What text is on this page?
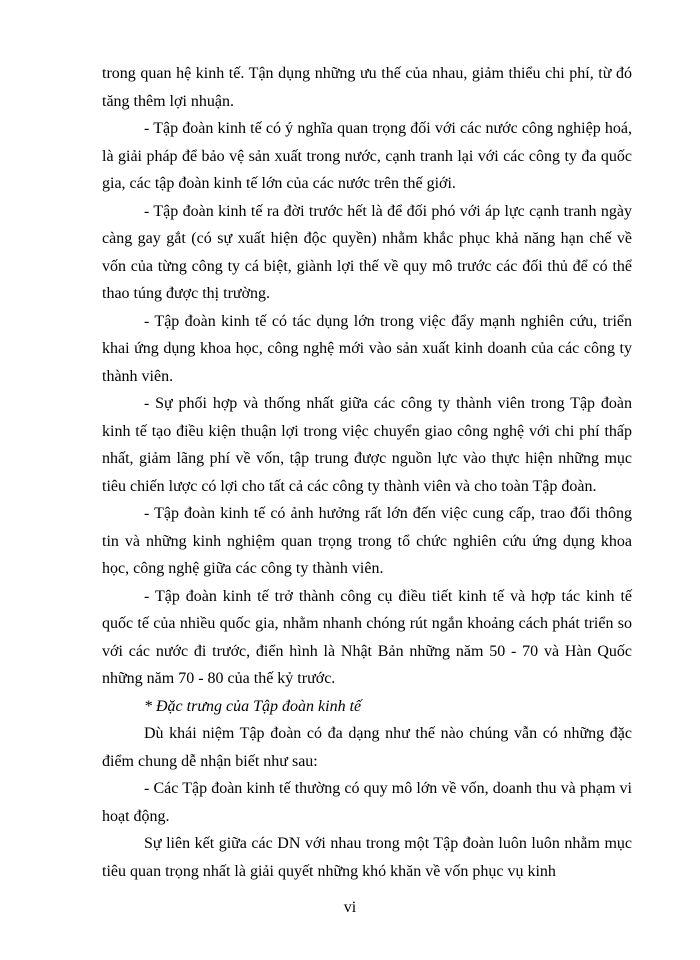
trong quan hệ kinh tế. Tận dụng những ưu thế của nhau, giảm thiểu chi phí, từ đó tăng thêm lợi nhuận.

- Tập đoàn kinh tế có ý nghĩa quan trọng đối với các nước công nghiệp hoá, là giải pháp để bảo vệ sản xuất trong nước, cạnh tranh lại với các công ty đa quốc gia, các tập đoàn kinh tế lớn của các nước trên thế giới.

- Tập đoàn kinh tế ra đời trước hết là để đối phó với áp lực cạnh tranh ngày càng gay gắt (có sự xuất hiện độc quyền) nhằm khắc phục khả năng hạn chế về vốn của từng công ty cá biệt, giành lợi thế về quy mô trước các đối thủ để có thể thao túng được thị trường.

- Tập đoàn kinh tế có tác dụng lớn trong việc đẩy mạnh nghiên cứu, triển khai ứng dụng khoa học, công nghệ mới vào sản xuất kinh doanh của các công ty thành viên.

- Sự phối hợp và thống nhất giữa các công ty thành viên trong Tập đoàn kinh tế tạo điều kiện thuận lợi trong việc chuyển giao công nghệ với chi phí thấp nhất, giảm lãng phí về vốn, tập trung được nguồn lực vào thực hiện những mục tiêu chiến lược có lợi cho tất cả các công ty thành viên và cho toàn Tập đoàn.

- Tập đoàn kinh tế có ảnh hưởng rất lớn đến việc cung cấp, trao đổi thông tin và những kinh nghiệm quan trọng trong tổ chức nghiên cứu ứng dụng khoa học, công nghệ giữa các công ty thành viên.

- Tập đoàn kinh tế trở thành công cụ điều tiết kinh tế và hợp tác kinh tế quốc tế của nhiều quốc gia, nhằm nhanh chóng rút ngắn khoảng cách phát triển so với các nước đi trước, điển hình là Nhật Bản những năm 50 - 70 và Hàn Quốc những năm 70 - 80 của thế kỷ trước.

* Đặc trưng của Tập đoàn kinh tế

Dù khái niệm Tập đoàn có đa dạng như thế nào chúng vẫn có những đặc điểm chung dễ nhận biết như sau:

- Các Tập đoàn kinh tế thường có quy mô lớn về vốn, doanh thu và phạm vi hoạt động.

Sự liên kết giữa các DN với nhau trong một Tập đoàn luôn luôn nhằm mục tiêu quan trọng nhất là giải quyết những khó khăn về vốn phục vụ kinh

vi
